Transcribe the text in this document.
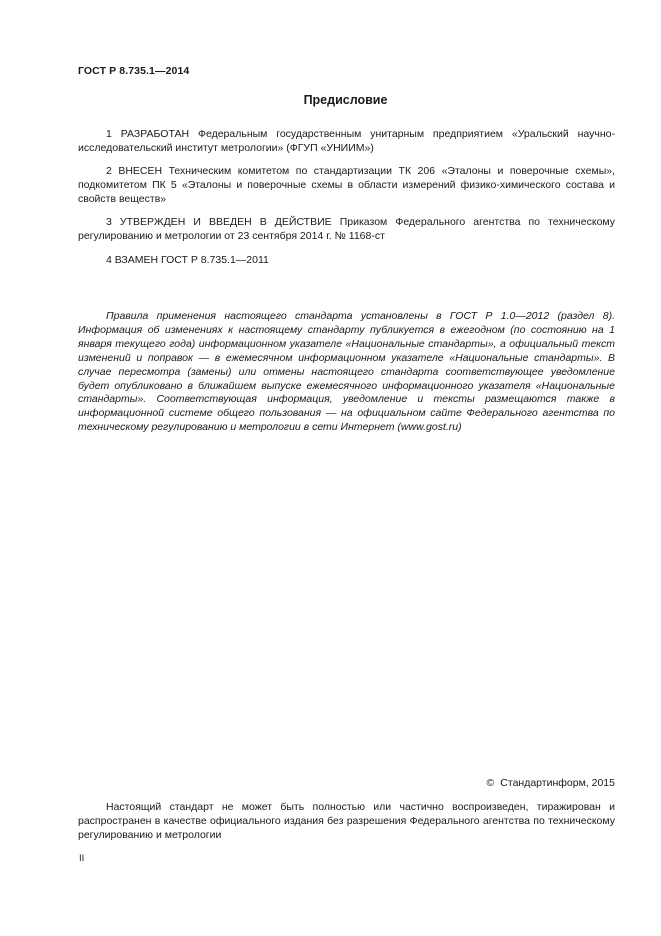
ГОСТ Р 8.735.1—2014
Предисловие
1 РАЗРАБОТАН Федеральным государственным унитарным предприятием «Уральский научно-исследовательский институт метрологии» (ФГУП «УНИИМ»)
2 ВНЕСЕН Техническим комитетом по стандартизации ТК 206 «Эталоны и поверочные схемы», подкомитетом ПК 5 «Эталоны и поверочные схемы в области измерений физико-химического состава и свойств веществ»
3 УТВЕРЖДЕН И ВВЕДЕН В ДЕЙСТВИЕ Приказом Федерального агентства по техническому регулированию и метрологии от 23 сентября 2014 г. № 1168-ст
4 ВЗАМЕН ГОСТ Р 8.735.1—2011
Правила применения настоящего стандарта установлены в ГОСТ Р 1.0—2012 (раздел 8). Информация об изменениях к настоящему стандарту публикуется в ежегодном (по состоянию на 1 января текущего года) информационном указателе «Национальные стандарты», а официальный текст изменений и поправок — в ежемесячном информационном указателе «Национальные стандарты». В случае пересмотра (замены) или отмены настоящего стандарта соответствующее уведомление будет опубликовано в ближайшем выпуске ежемесячного информационного указателя «Национальные стандарты». Соответствующая информация, уведомление и тексты размещаются также в информационной системе общего пользования — на официальном сайте Федерального агентства по техническому регулированию и метрологии в сети Интернет (www.gost.ru)
© Стандартинформ, 2015
Настоящий стандарт не может быть полностью или частично воспроизведен, тиражирован и распространен в качестве официального издания без разрешения Федерального агентства по техническому регулированию и метрологии
II
